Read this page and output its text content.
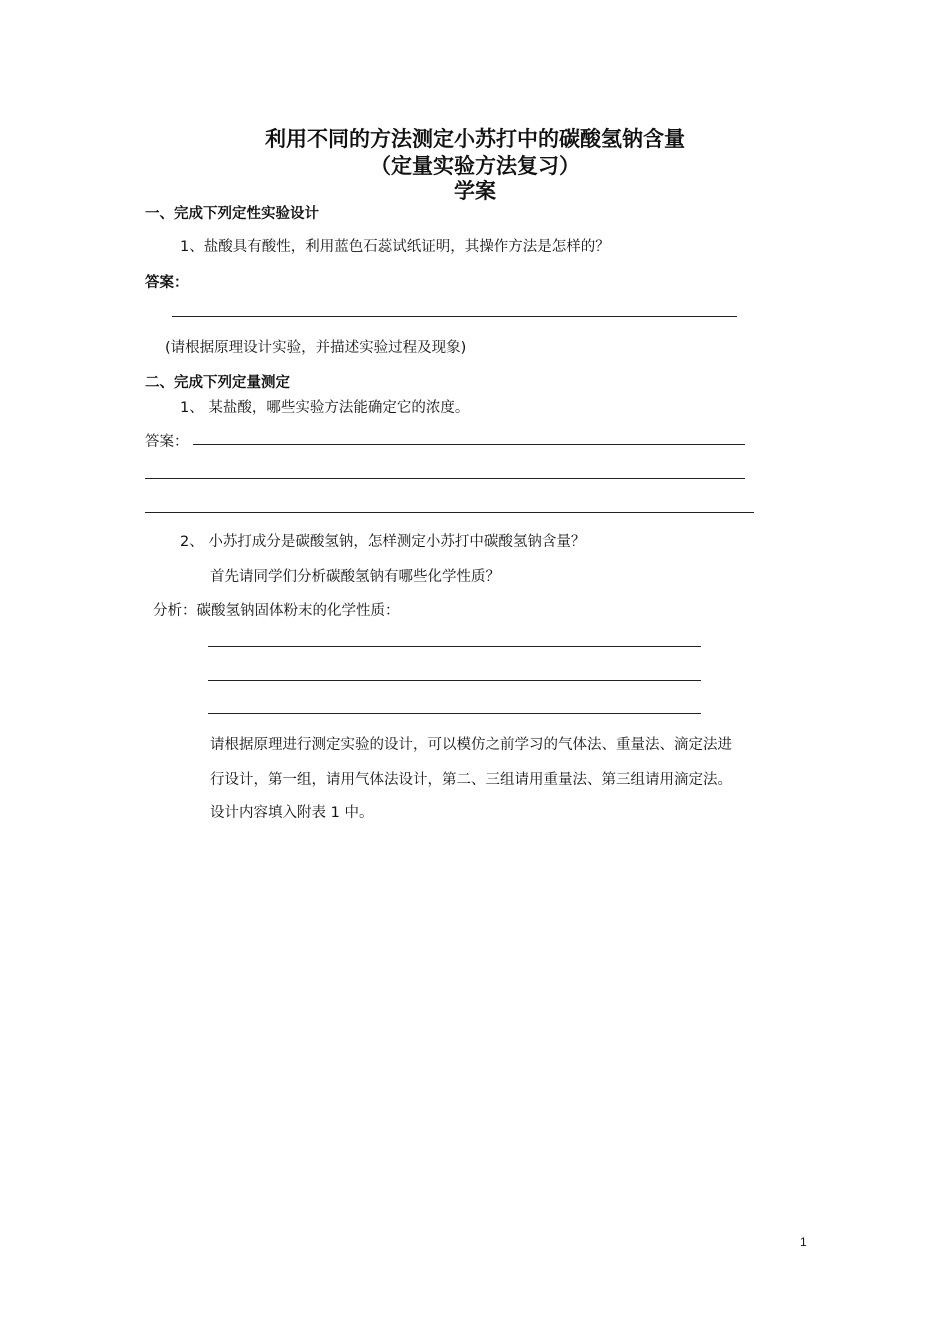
利用不同的方法测定小苏打中的碳酸氢钠含量
（定量实验方法复习）
学案
一、完成下列定性实验设计
1、盐酸具有酸性，利用蓝色石蕊试纸证明，其操作方法是怎样的？
答案：
(请根据原理设计实验，并描述实验过程及现象)
二、完成下列定量测定
1、 某盐酸，哪些实验方法能确定它的浓度。
答案：
2、 小苏打成分是碳酸氢钠，怎样测定小苏打中碳酸氢钠含量？
首先请同学们分析碳酸氢钠有哪些化学性质？
分析：碳酸氢钠固体粉末的化学性质：
请根据原理进行测定实验的设计，可以模仿之前学习的气体法、重量法、滴定法进
行设计，第一组，请用气体法设计，第二、三组请用重量法、第三组请用滴定法。
设计内容填入附表 1 中。
1
